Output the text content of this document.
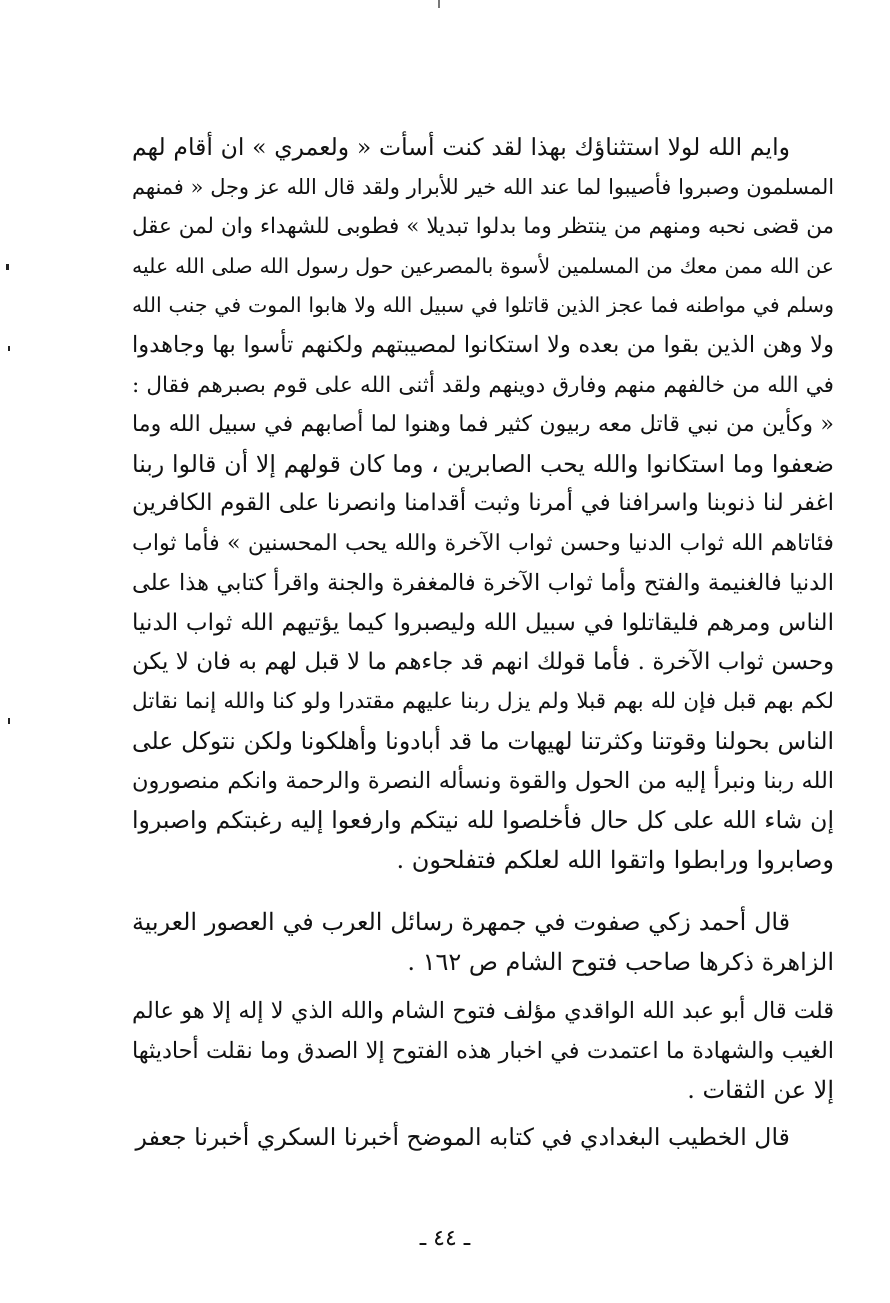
وايم الله لولا استثناؤك بهذا لقد كنت أسأت « ولعمري » ان أقام لهم
المسلمون وصبروا فأصيبوا لما عند الله خير للأبرار ولقد قال الله عز وجل « فمنهم
من قضى نحبه ومنهم من ينتظر وما بدلوا تبديلا » فطوبى للشهداء وان لمن عقل
عن الله ممن معك من المسلمين لأسوة بالمصرعين حول رسول الله صلى الله عليه
وسلم في مواطنه فما عجز الذين قاتلوا في سبيل الله ولا هابوا الموت في جنب الله
ولا وهن الذين بقوا من بعده ولا استكانوا لمصيبتهم ولكنهم تأسوا بها وجاهدوا
في الله من خالفهم منهم وفارق دوينهم ولقد أثنى الله على قوم بصبرهم فقال :
« وكأين من نبي قاتل معه ربيون كثير فما وهنوا لما أصابهم في سبيل الله وما
ضعفوا وما استكانوا والله يحب الصابرين ، وما كان قولهم إلا أن قالوا ربنا
اغفر لنا ذنوبنا واسرافنا في أمرنا وثبت أقدامنا وانصرنا على القوم الكافرين
فئاتاهم الله ثواب الدنيا وحسن ثواب الآخرة والله يحب المحسنين » فأما ثواب
الدنيا فالغنيمة والفتح وأما ثواب الآخرة فالمغفرة والجنة واقرأ كتابي هذا على
الناس ومرهم فليقاتلوا في سبيل الله وليصبروا كيما يؤتيهم الله ثواب الدنيا
وحسن ثواب الآخرة . فأما قولك انهم قد جاءهم ما لا قبل لهم به فان لا يكن
لكم بهم قبل فإن لله بهم قبلا ولم يزل ربنا عليهم مقتدرا ولو كنا والله إنما نقاتل
الناس بحولنا وقوتنا وكثرتنا لهيهات ما قد أبادونا وأهلكونا ولكن نتوكل على
الله ربنا ونبرأ إليه من الحول والقوة ونسأله النصرة والرحمة وانكم منصورون
إن شاء الله على كل حال فأخلصوا لله نيتكم وارفعوا إليه رغبتكم واصبروا
وصابروا ورابطوا واتقوا الله لعلكم فتفلحون .
قال أحمد زكي صفوت في جمهرة رسائل العرب في العصور العربية
الزاهرة ذكرها صاحب فتوح الشام ص ١٦٢ .
قلت قال أبو عبد الله الواقدي مؤلف فتوح الشام والله الذي لا إله إلا هو عالم
الغيب والشهادة ما اعتمدت في اخبار هذه الفتوح إلا الصدق وما نقلت أحاديثها
إلا عن الثقات .
قال الخطيب البغدادي في كتابه الموضح أخبرنا السكري أخبرنا جعفر
ـ ٤٤ ـ
